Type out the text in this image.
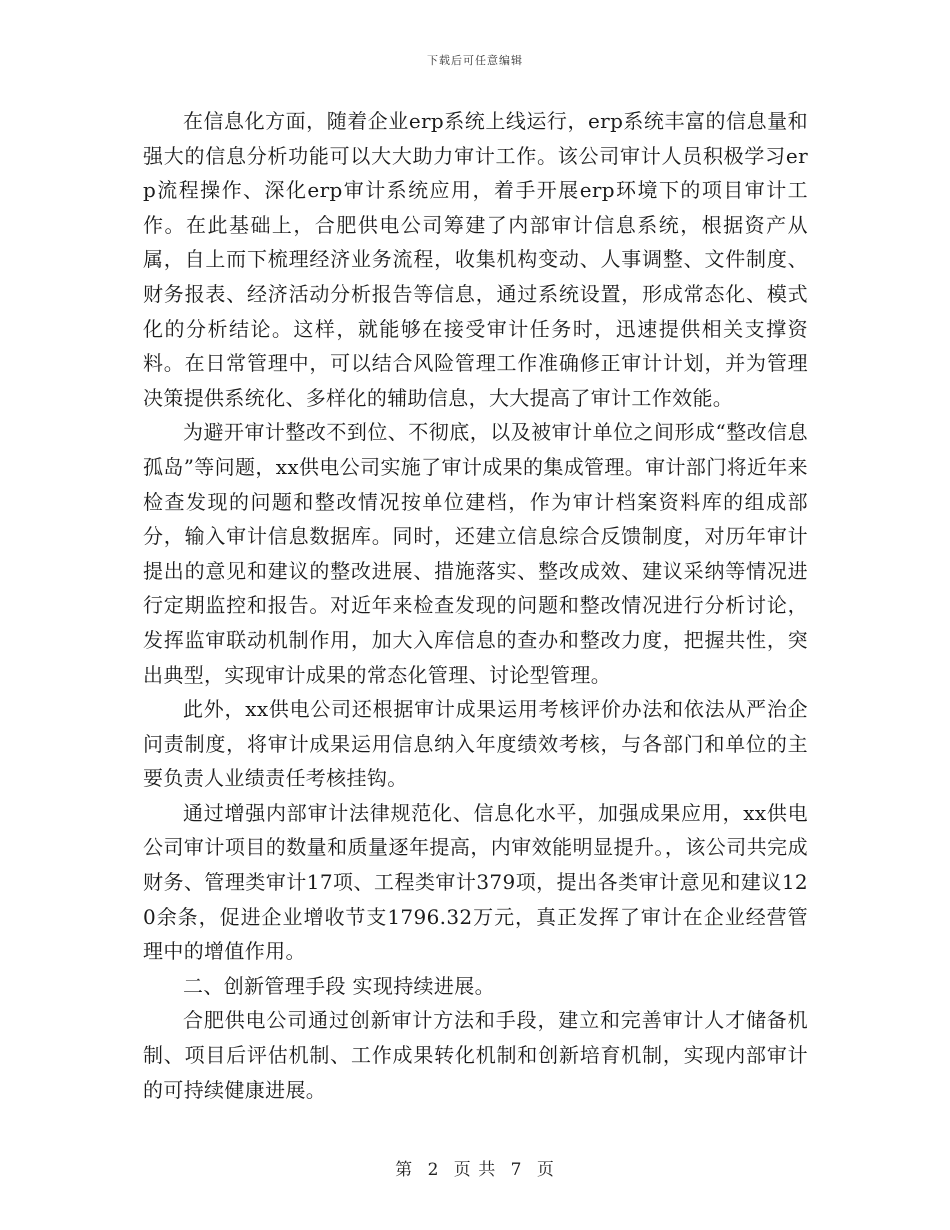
下载后可任意编辑

在信息化方面，随着企业erp系统上线运行，erp系统丰富的信息量和强大的信息分析功能可以大大助力审计工作。该公司审计人员积极学习erp流程操作、深化erp审计系统应用，着手开展erp环境下的项目审计工作。在此基础上，合肥供电公司筹建了内部审计信息系统，根据资产从属，自上而下梳理经济业务流程，收集机构变动、人事调整、文件制度、财务报表、经济活动分析报告等信息，通过系统设置，形成常态化、模式化的分析结论。这样，就能够在接受审计任务时，迅速提供相关支撑资料。在日常管理中，可以结合风险管理工作准确修正审计计划，并为管理决策提供系统化、多样化的辅助信息，大大提高了审计工作效能。

为避开审计整改不到位、不彻底，以及被审计单位之间形成“整改信息孤岛”等问题，xx供电公司实施了审计成果的集成管理。审计部门将近年来检查发现的问题和整改情况按单位建档，作为审计档案资料库的组成部分，输入审计信息数据库。同时，还建立信息综合反馈制度，对历年审计提出的意见和建议的整改进展、措施落实、整改成效、建议采纳等情况进行定期监控和报告。对近年来检查发现的问题和整改情况进行分析讨论，发挥监审联动机制作用，加大入库信息的查办和整改力度，把握共性，突出典型，实现审计成果的常态化管理、讨论型管理。

此外，xx供电公司还根据审计成果运用考核评价办法和依法从严治企问责制度，将审计成果运用信息纳入年度绩效考核，与各部门和单位的主要负责人业绩责任考核挂钩。

通过增强内部审计法律规范化、信息化水平，加强成果应用，xx供电公司审计项目的数量和质量逐年提高，内审效能明显提升。，该公司共完成财务、管理类审计17项、工程类审计379项，提出各类审计意见和建议120余条，促进企业增收节支1796.32万元，真正发挥了审计在企业经营管理中的增值作用。

二、创新管理手段 实现持续进展。

合肥供电公司通过创新审计方法和手段，建立和完善审计人才储备机制、项目后评估机制、工作成果转化机制和创新培育机制，实现内部审计的可持续健康进展。

第 2 页 共 7 页
